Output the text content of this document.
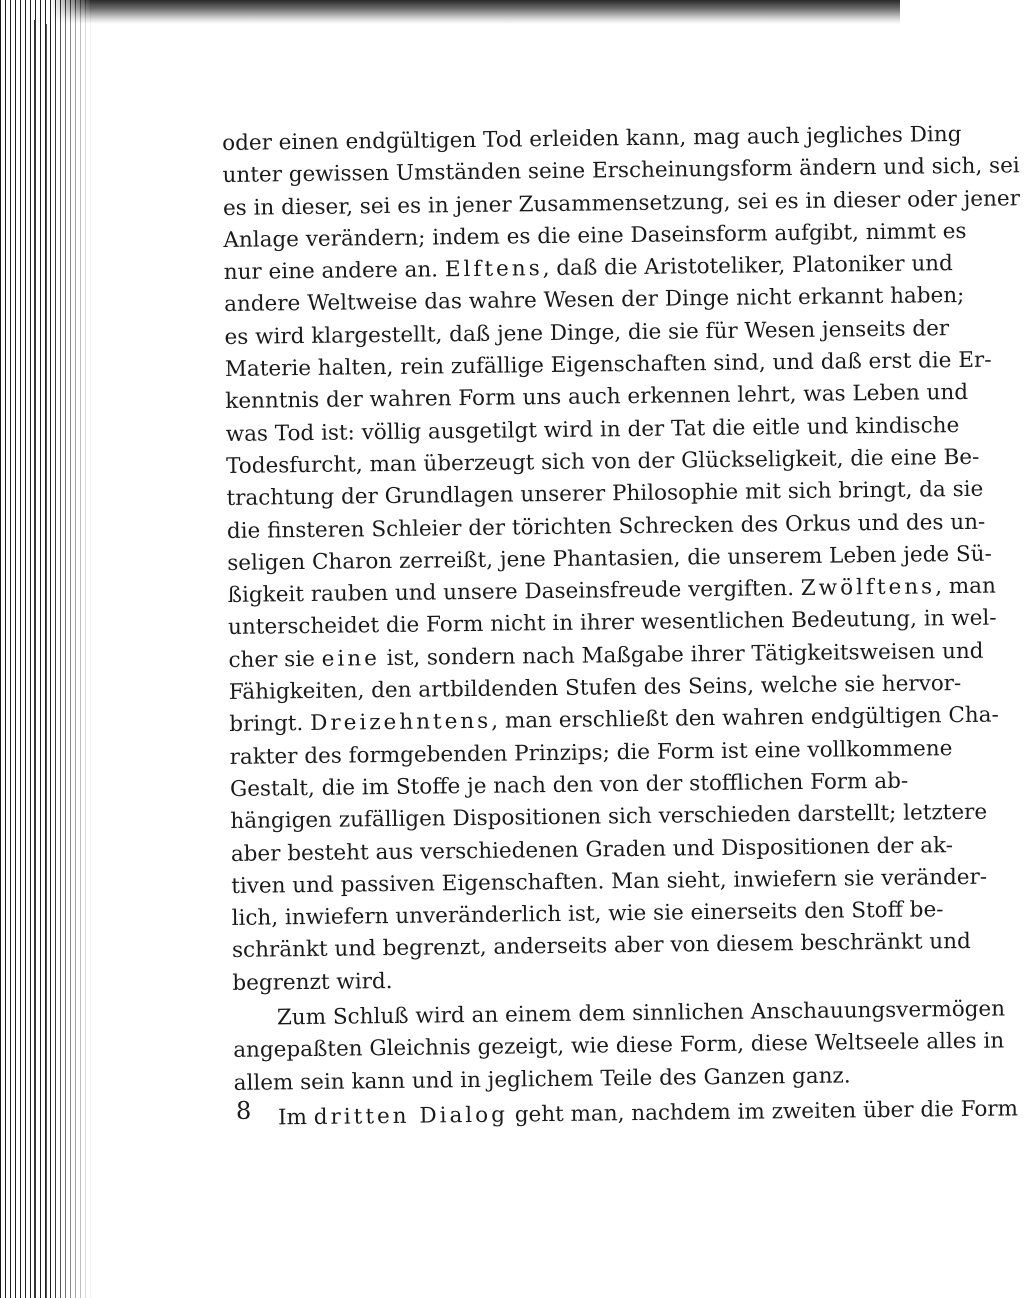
oder einen endgültigen Tod erleiden kann, mag auch jegliches Ding
unter gewissen Umständen seine Erscheinungsform ändern und sich, sei
es in dieser, sei es in jener Zusammensetzung, sei es in dieser oder jener
Anlage verändern; indem es die eine Daseinsform aufgibt, nimmt es
nur eine andere an. Elftens, daß die Aristoteliker, Platoniker und
andere Weltweise das wahre Wesen der Dinge nicht erkannt haben;
es wird klargestellt, daß jene Dinge, die sie für Wesen jenseits der
Materie halten, rein zufällige Eigenschaften sind, und daß erst die Er-
kenntnis der wahren Form uns auch erkennen lehrt, was Leben und
was Tod ist: völlig ausgetilgt wird in der Tat die eitle und kindische
Todesfurcht, man überzeugt sich von der Glückseligkeit, die eine Be-
trachtung der Grundlagen unserer Philosophie mit sich bringt, da sie
die finsteren Schleier der törichten Schrecken des Orkus und des un-
seligen Charon zerreißt, jene Phantasien, die unserem Leben jede Sü-
ßigkeit rauben und unsere Daseinsfreude vergiften. Zwölftens, man
unterscheidet die Form nicht in ihrer wesentlichen Bedeutung, in wel-
cher sie eine ist, sondern nach Maßgabe ihrer Tätigkeitsweisen und
Fähigkeiten, den artbildenden Stufen des Seins, welche sie hervor-
bringt. Dreizehntens, man erschließt den wahren endgültigen Cha-
rakter des formgebenden Prinzips; die Form ist eine vollkommene
Gestalt, die im Stoffe je nach den von der stofflichen Form ab-
hängigen zufälligen Dispositionen sich verschieden darstellt; letztere
aber besteht aus verschiedenen Graden und Dispositionen der ak-
tiven und passiven Eigenschaften. Man sieht, inwiefern sie veränder-
lich, inwiefern unveränderlich ist, wie sie einerseits den Stoff be-
schränkt und begrenzt, anderseits aber von diesem beschränkt und
begrenzt wird.
Zum Schluß wird an einem dem sinnlichen Anschauungsvermögen
angepaßten Gleichnis gezeigt, wie diese Form, diese Weltseele alles in
allem sein kann und in jeglichem Teile des Ganzen ganz.
Im dritten Dialog geht man, nachdem im zweiten über die Form
8
